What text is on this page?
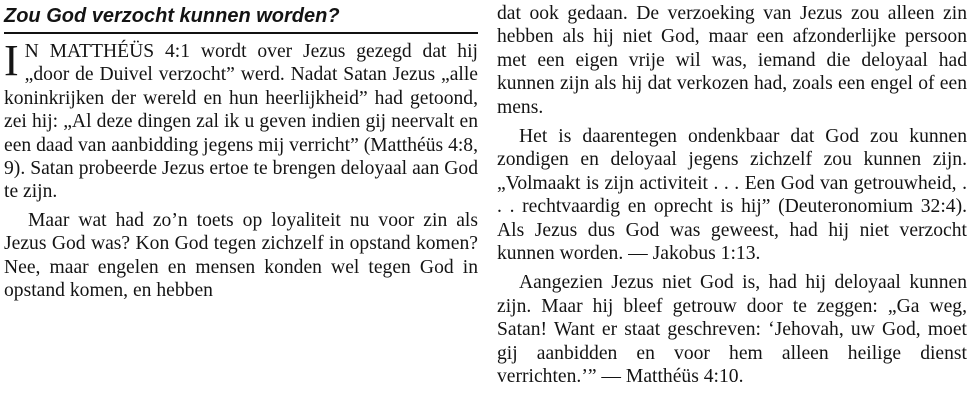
Zou God verzocht kunnen worden?

I N MATTHÉÜS 4:1 wordt over Jezus gezegd dat hij „door de Duivel verzocht” werd. Nadat Satan Jezus „alle koninkrijken der wereld en hun heerlijkheid” had getoond, zei hij: „Al deze dingen zal ik u geven indien gij neervalt en een daad van aanbidding jegens mij verricht” (Matthéüs 4:8, 9). Satan probeerde Jezus ertoe te brengen deloyaal aan God te zijn.

Maar wat had zo’n toets op loyaliteit nu voor zin als Jezus God was? Kon God tegen zichzelf in opstand komen? Nee, maar engelen en mensen konden wel tegen God in opstand komen, en hebben

dat ook gedaan. De verzoeking van Jezus zou alleen zin hebben als hij niet God, maar een afzonderlijke persoon met een eigen vrije wil was, iemand die deloyaal had kunnen zijn als hij dat verkozen had, zoals een engel of een mens.

Het is daarentegen ondenkbaar dat God zou kunnen zondigen en deloyaal jegens zichzelf zou kunnen zijn. „Volmaakt is zijn activiteit . . . Een God van getrouwheid, . . . rechtvaardig en oprecht is hij” (Deuteronomium 32:4). Als Jezus dus God was geweest, had hij niet verzocht kunnen worden. — Jakobus 1:13.

Aangezien Jezus niet God is, had hij deloyaal kunnen zijn. Maar hij bleef getrouw door te zeggen: „Ga weg, Satan! Want er staat geschreven: ‘Jehovah, uw God, moet gij aanbidden en voor hem alleen heilige dienst verrichten.’” — Matthéüs 4:10.
